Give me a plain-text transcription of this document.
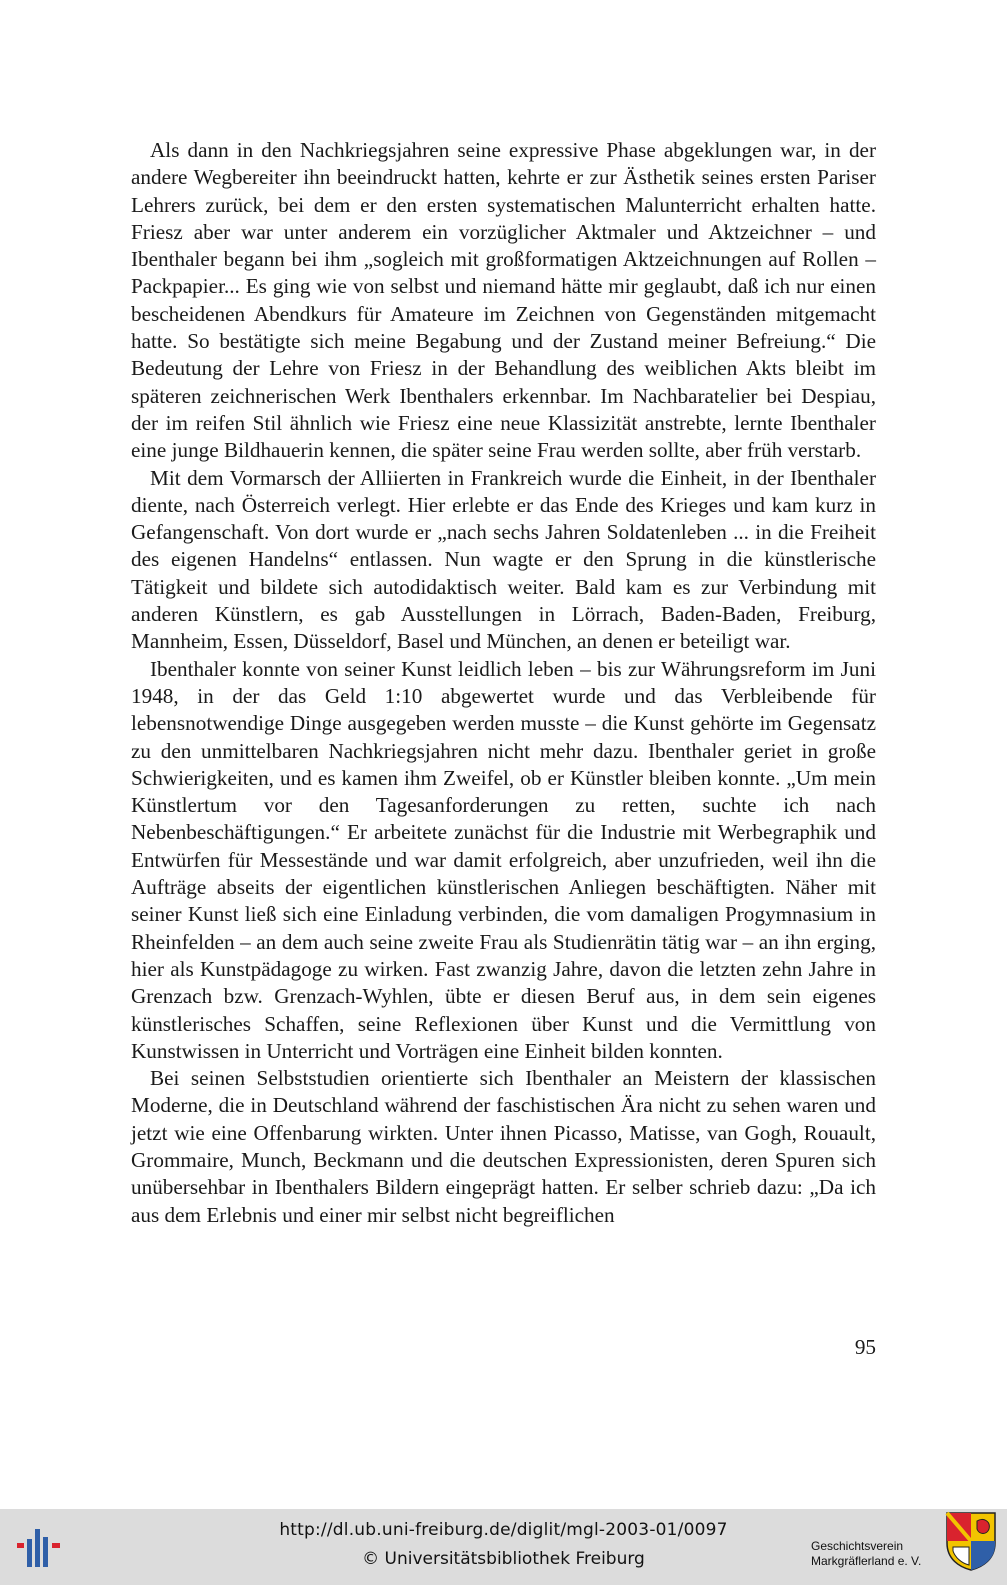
Als dann in den Nachkriegsjahren seine expressive Phase abgeklungen war, in der andere Wegbereiter ihn beeindruckt hatten, kehrte er zur Ästhetik seines ersten Pariser Lehrers zurück, bei dem er den ersten systematischen Malunterricht erhalten hatte. Friesz aber war unter anderem ein vorzüglicher Aktmaler und Aktzeichner – und Ibenthaler begann bei ihm „sogleich mit großformatigen Aktzeichnungen auf Rollen – Packpapier... Es ging wie von selbst und niemand hätte mir geglaubt, daß ich nur einen bescheidenen Abendkurs für Amateure im Zeichnen von Gegenständen mitgemacht hatte. So bestätigte sich meine Begabung und der Zustand meiner Befreiung.“ Die Bedeutung der Lehre von Friesz in der Behandlung des weiblichen Akts bleibt im späteren zeichnerischen Werk Ibenthalers erkennbar. Im Nachbaratelier bei Despiau, der im reifen Stil ähnlich wie Friesz eine neue Klassizität anstrebte, lernte Ibenthaler eine junge Bildhauerin kennen, die später seine Frau werden sollte, aber früh verstarb.

Mit dem Vormarsch der Alliierten in Frankreich wurde die Einheit, in der Ibenthaler diente, nach Österreich verlegt. Hier erlebte er das Ende des Krieges und kam kurz in Gefangenschaft. Von dort wurde er „nach sechs Jahren Soldatenleben ... in die Freiheit des eigenen Handelns“ entlassen. Nun wagte er den Sprung in die künstlerische Tätigkeit und bildete sich autodidaktisch weiter. Bald kam es zur Verbindung mit anderen Künstlern, es gab Ausstellungen in Lörrach, Baden-Baden, Freiburg, Mannheim, Essen, Düsseldorf, Basel und München, an denen er beteiligt war.

Ibenthaler konnte von seiner Kunst leidlich leben – bis zur Währungsreform im Juni 1948, in der das Geld 1:10 abgewertet wurde und das Verbleibende für lebensnotwendige Dinge ausgegeben werden musste – die Kunst gehörte im Gegensatz zu den unmittelbaren Nachkriegsjahren nicht mehr dazu. Ibenthaler geriet in große Schwierigkeiten, und es kamen ihm Zweifel, ob er Künstler bleiben konnte. „Um mein Künstlertum vor den Tagesanforderungen zu retten, suchte ich nach Nebenbeschäftigungen.“ Er arbeitete zunächst für die Industrie mit Werbegraphik und Entwürfen für Messestände und war damit erfolgreich, aber unzufrieden, weil ihn die Aufträge abseits der eigentlichen künstlerischen Anliegen beschäftigten. Näher mit seiner Kunst ließ sich eine Einladung verbinden, die vom damaligen Progymnasium in Rheinfelden – an dem auch seine zweite Frau als Studienrätin tätig war – an ihn erging, hier als Kunstpädagoge zu wirken. Fast zwanzig Jahre, davon die letzten zehn Jahre in Grenzach bzw. Grenzach-Wyhlen, übte er diesen Beruf aus, in dem sein eigenes künstlerisches Schaffen, seine Reflexionen über Kunst und die Vermittlung von Kunstwissen in Unterricht und Vorträgen eine Einheit bilden konnten.

Bei seinen Selbststudien orientierte sich Ibenthaler an Meistern der klassischen Moderne, die in Deutschland während der faschistischen Ära nicht zu sehen waren und jetzt wie eine Offenbarung wirkten. Unter ihnen Picasso, Matisse, van Gogh, Rouault, Grommaire, Munch, Beckmann und die deutschen Expressionisten, deren Spuren sich unübersehbar in Ibenthalers Bildern eingeprägt hatten. Er selber schrieb dazu: „Da ich aus dem Erlebnis und einer mir selbst nicht begreiflichen

95
http://dl.ub.uni-freiburg.de/diglit/mgl-2003-01/0097
© Universitätsbibliothek Freiburg
Geschichtsverein
Markgräflerland e. V.
